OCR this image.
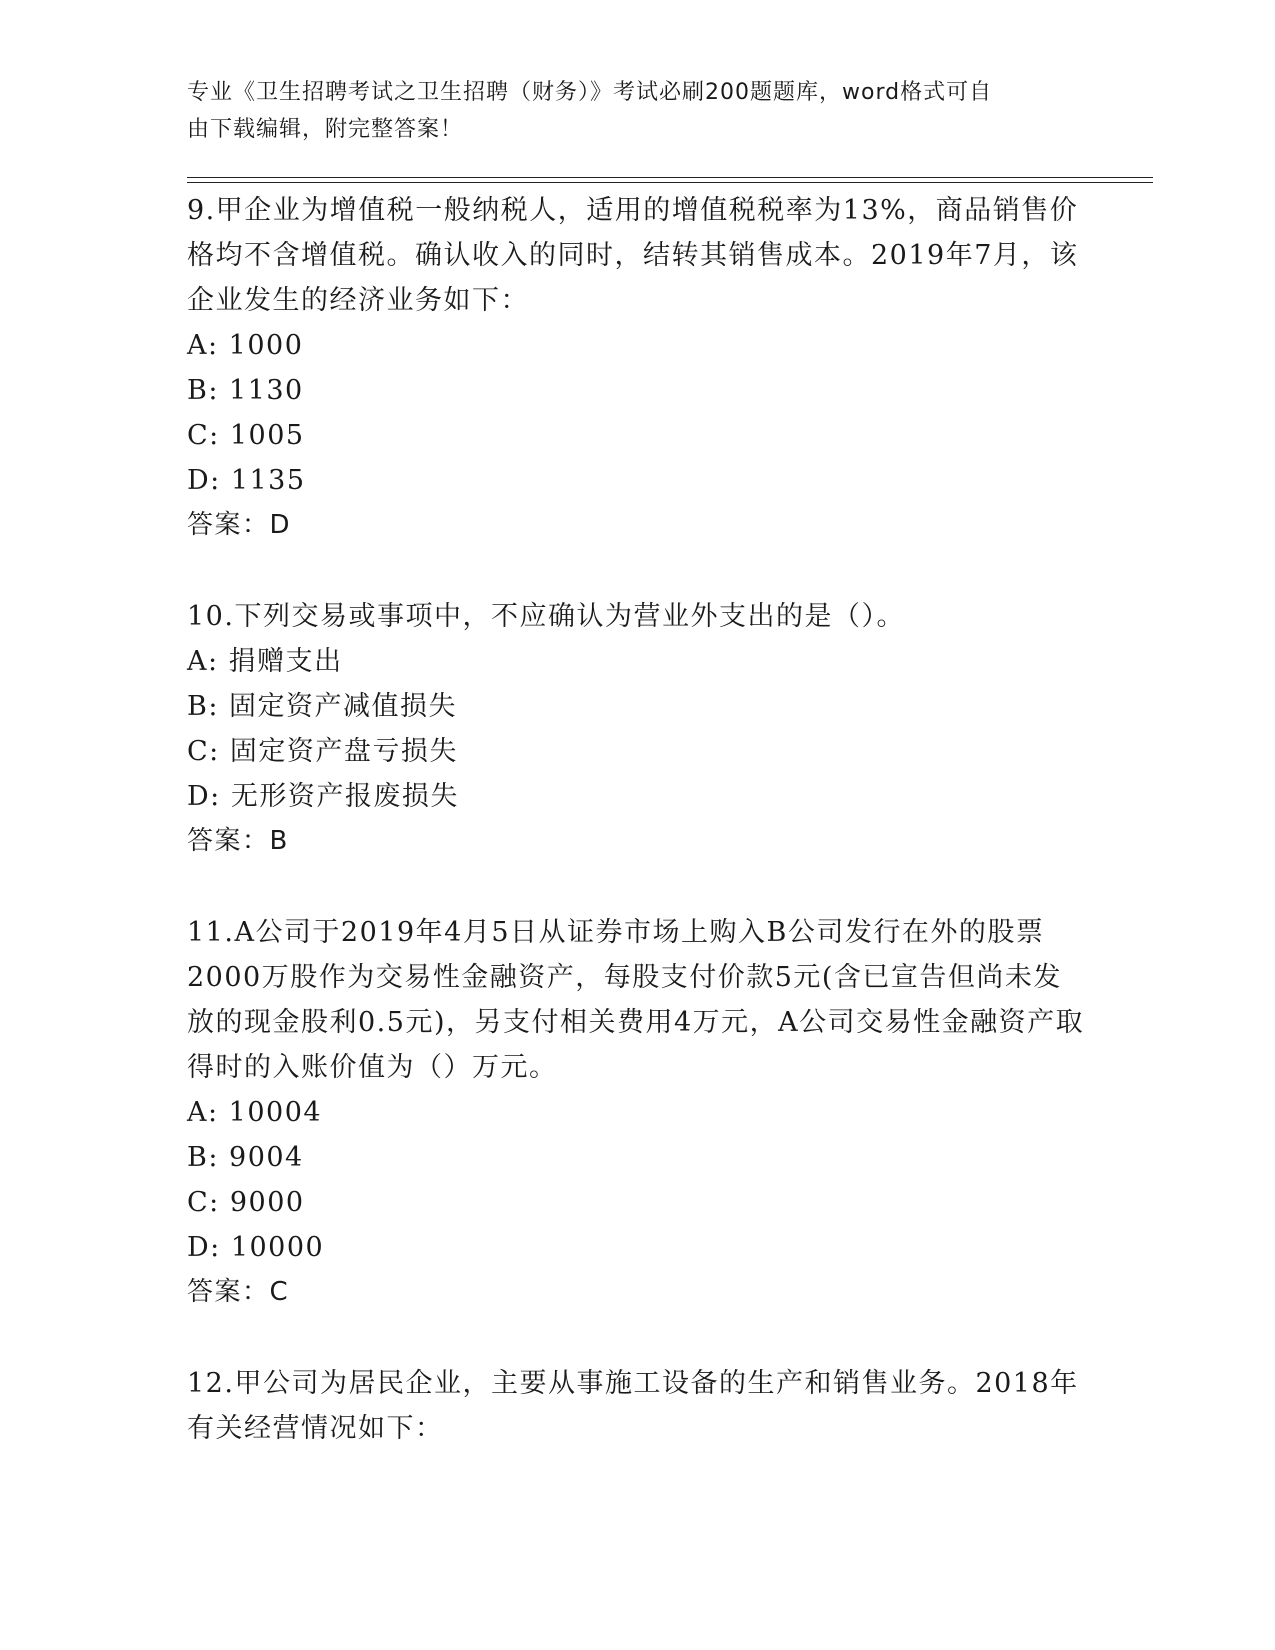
专业《卫生招聘考试之卫生招聘（财务）》考试必刷200题题库，word格式可自
由下载编辑，附完整答案！
9.甲企业为增值税一般纳税人，适用的增值税税率为13%，商品销售价格均不含增值税。确认收入的同时，结转其销售成本。2019年7月，该企业发生的经济业务如下：
A: 1000
B: 1130
C: 1005
D: 1135
答案：D
10.下列交易或事项中，不应确认为营业外支出的是（）。
A: 捐赠支出
B: 固定资产减值损失
C: 固定资产盘亏损失
D: 无形资产报废损失
答案：B
11.A公司于2019年4月5日从证券市场上购入B公司发行在外的股票2000万股作为交易性金融资产，每股支付价款5元(含已宣告但尚未发放的现金股利0.5元)，另支付相关费用4万元，A公司交易性金融资产取得时的入账价值为（）万元。
A: 10004
B: 9004
C: 9000
D: 10000
答案：C
12.甲公司为居民企业，主要从事施工设备的生产和销售业务。2018年有关经营情况如下：
